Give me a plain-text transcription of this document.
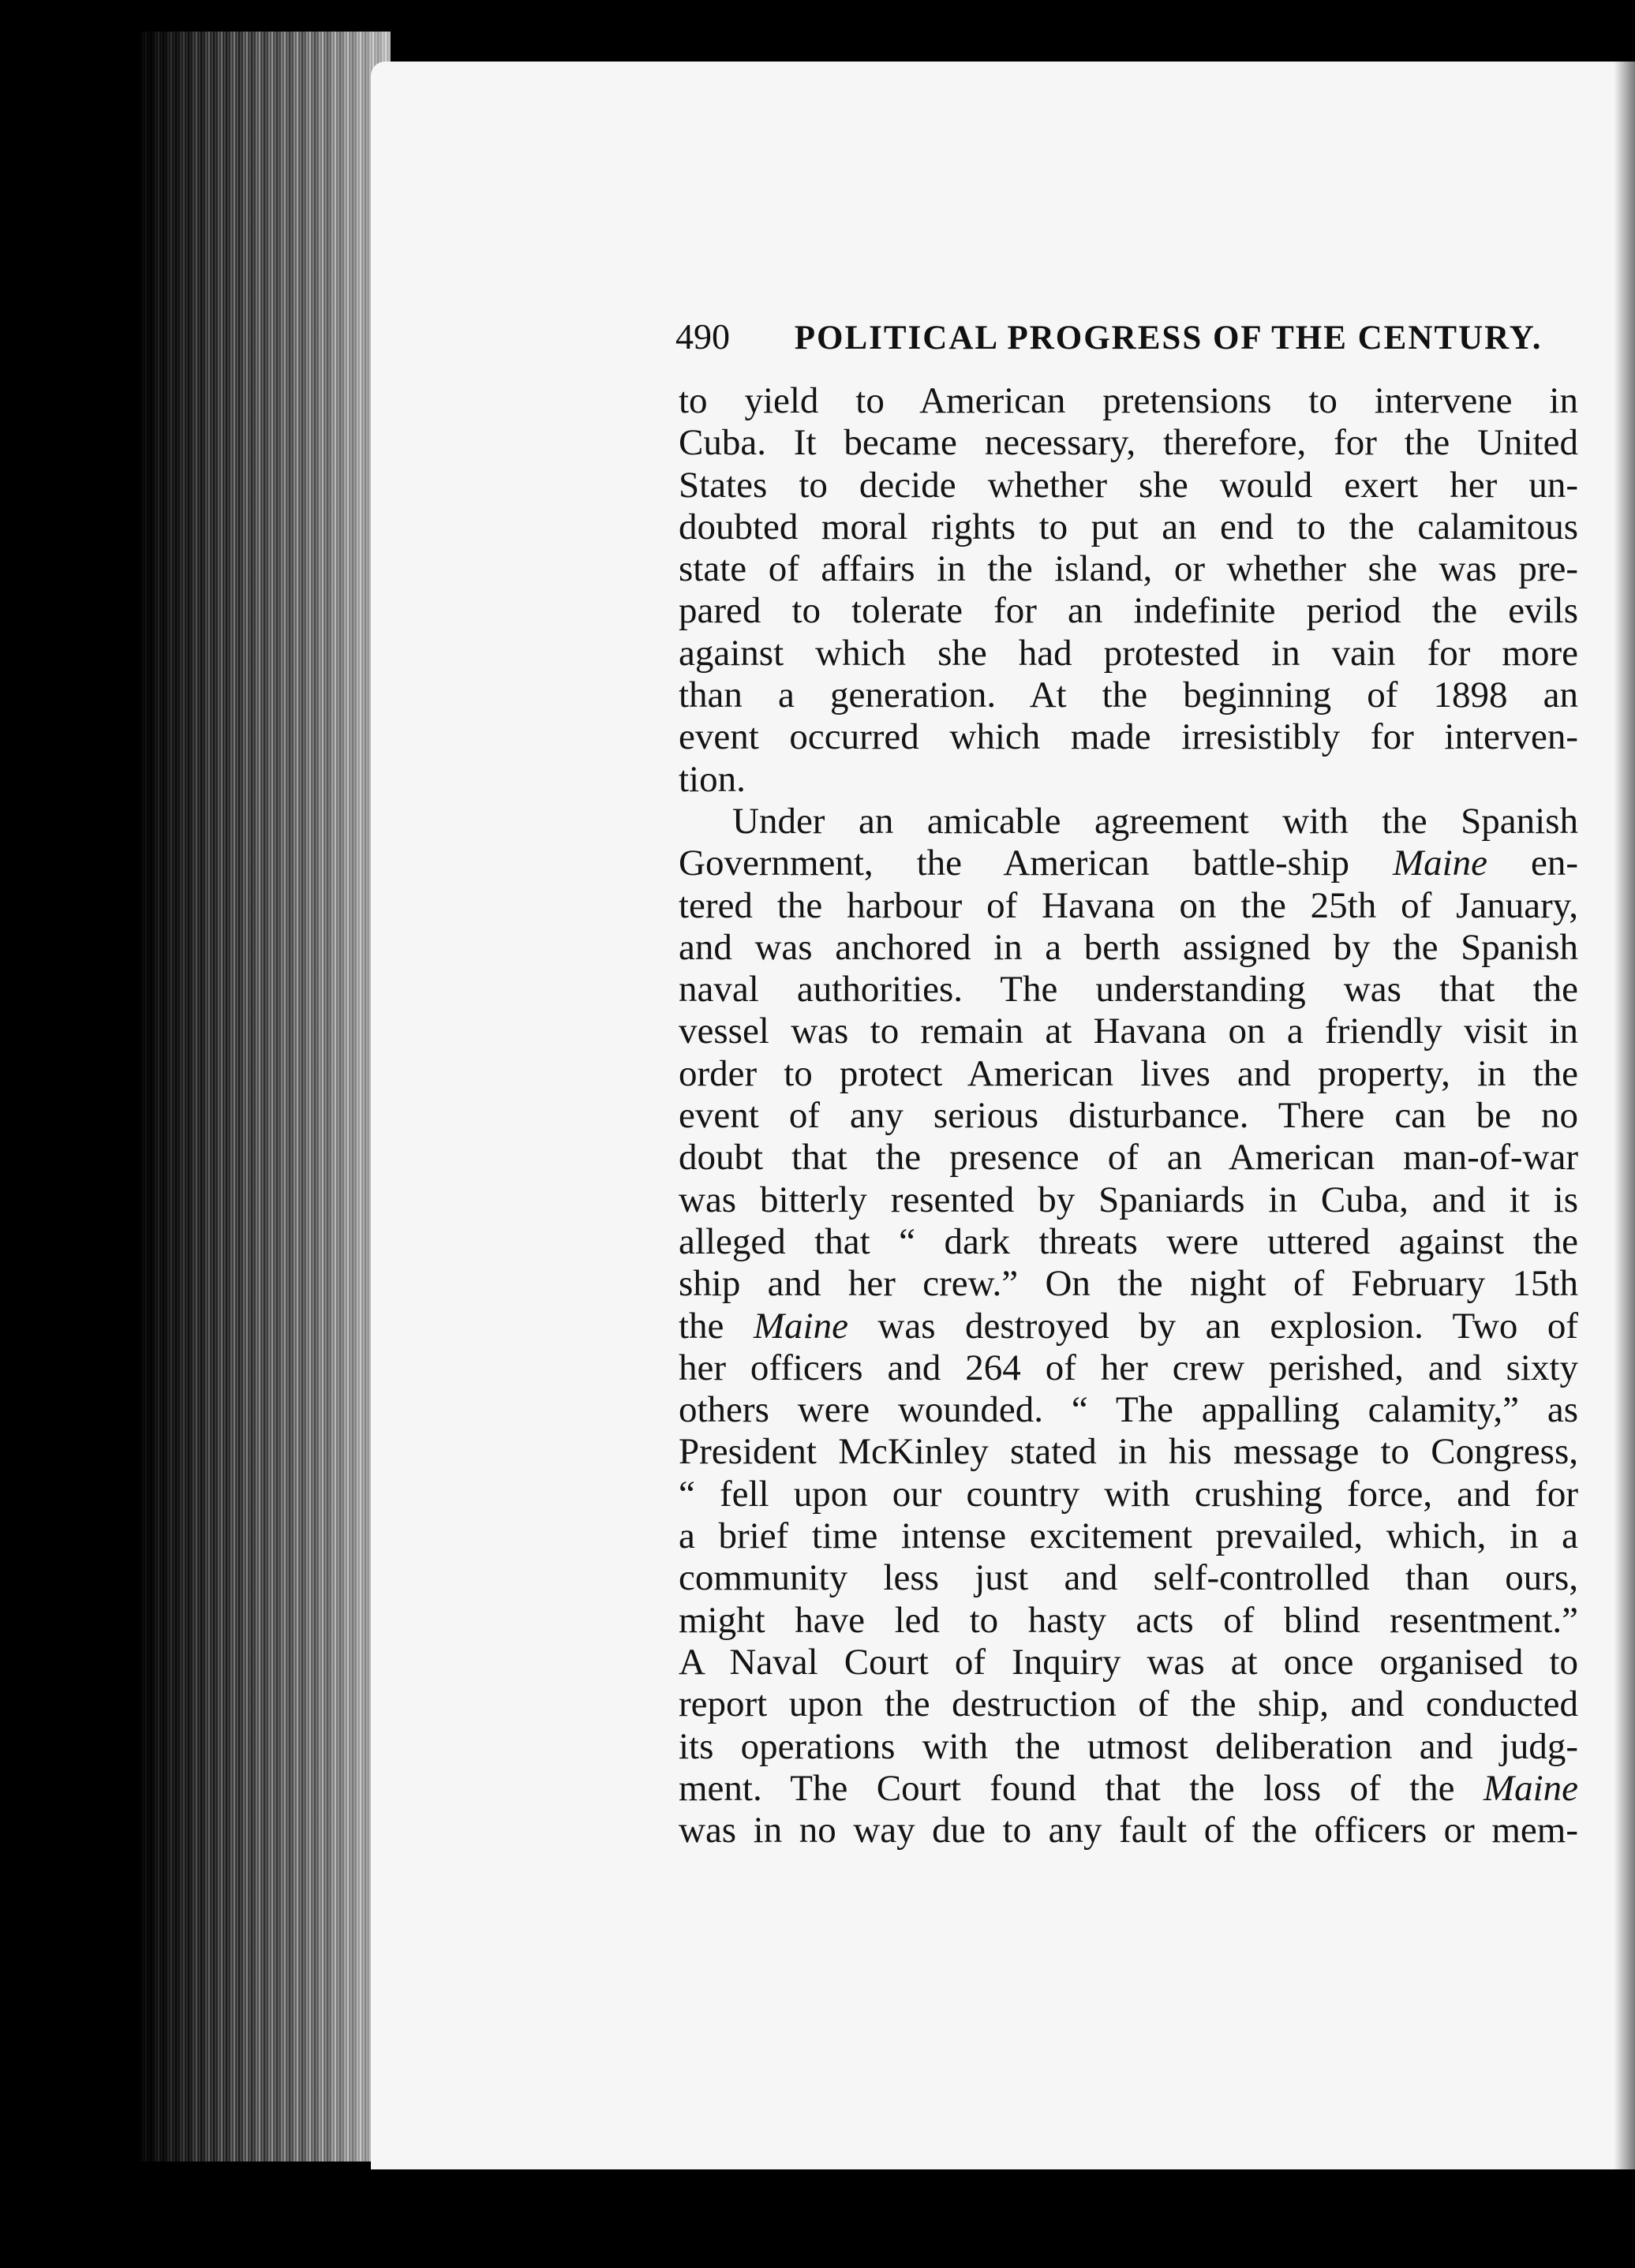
490 POLITICAL PROGRESS OF THE CENTURY.
to yield to American pretensions to intervene in
Cuba. It became necessary, therefore, for the United
States to decide whether she would exert her un-
doubted moral rights to put an end to the calamitous
state of affairs in the island, or whether she was pre-
pared to tolerate for an indefinite period the evils
against which she had protested in vain for more
than a generation. At the beginning of 1898 an
event occurred which made irresistibly for interven-
tion.
Under an amicable agreement with the Spanish
Government, the American battle-ship Maine en-
tered the harbour of Havana on the 25th of January,
and was anchored in a berth assigned by the Spanish
naval authorities. The understanding was that the
vessel was to remain at Havana on a friendly visit in
order to protect American lives and property, in the
event of any serious disturbance. There can be no
doubt that the presence of an American man-of-war
was bitterly resented by Spaniards in Cuba, and it is
alleged that “ dark threats were uttered against the
ship and her crew.” On the night of February 15th
the Maine was destroyed by an explosion. Two of
her officers and 264 of her crew perished, and sixty
others were wounded. “ The appalling calamity,” as
President McKinley stated in his message to Congress,
“ fell upon our country with crushing force, and for
a brief time intense excitement prevailed, which, in a
community less just and self-controlled than ours,
might have led to hasty acts of blind resentment.”
A Naval Court of Inquiry was at once organised to
report upon the destruction of the ship, and conducted
its operations with the utmost deliberation and judg-
ment. The Court found that the loss of the Maine
was in no way due to any fault of the officers or mem-
